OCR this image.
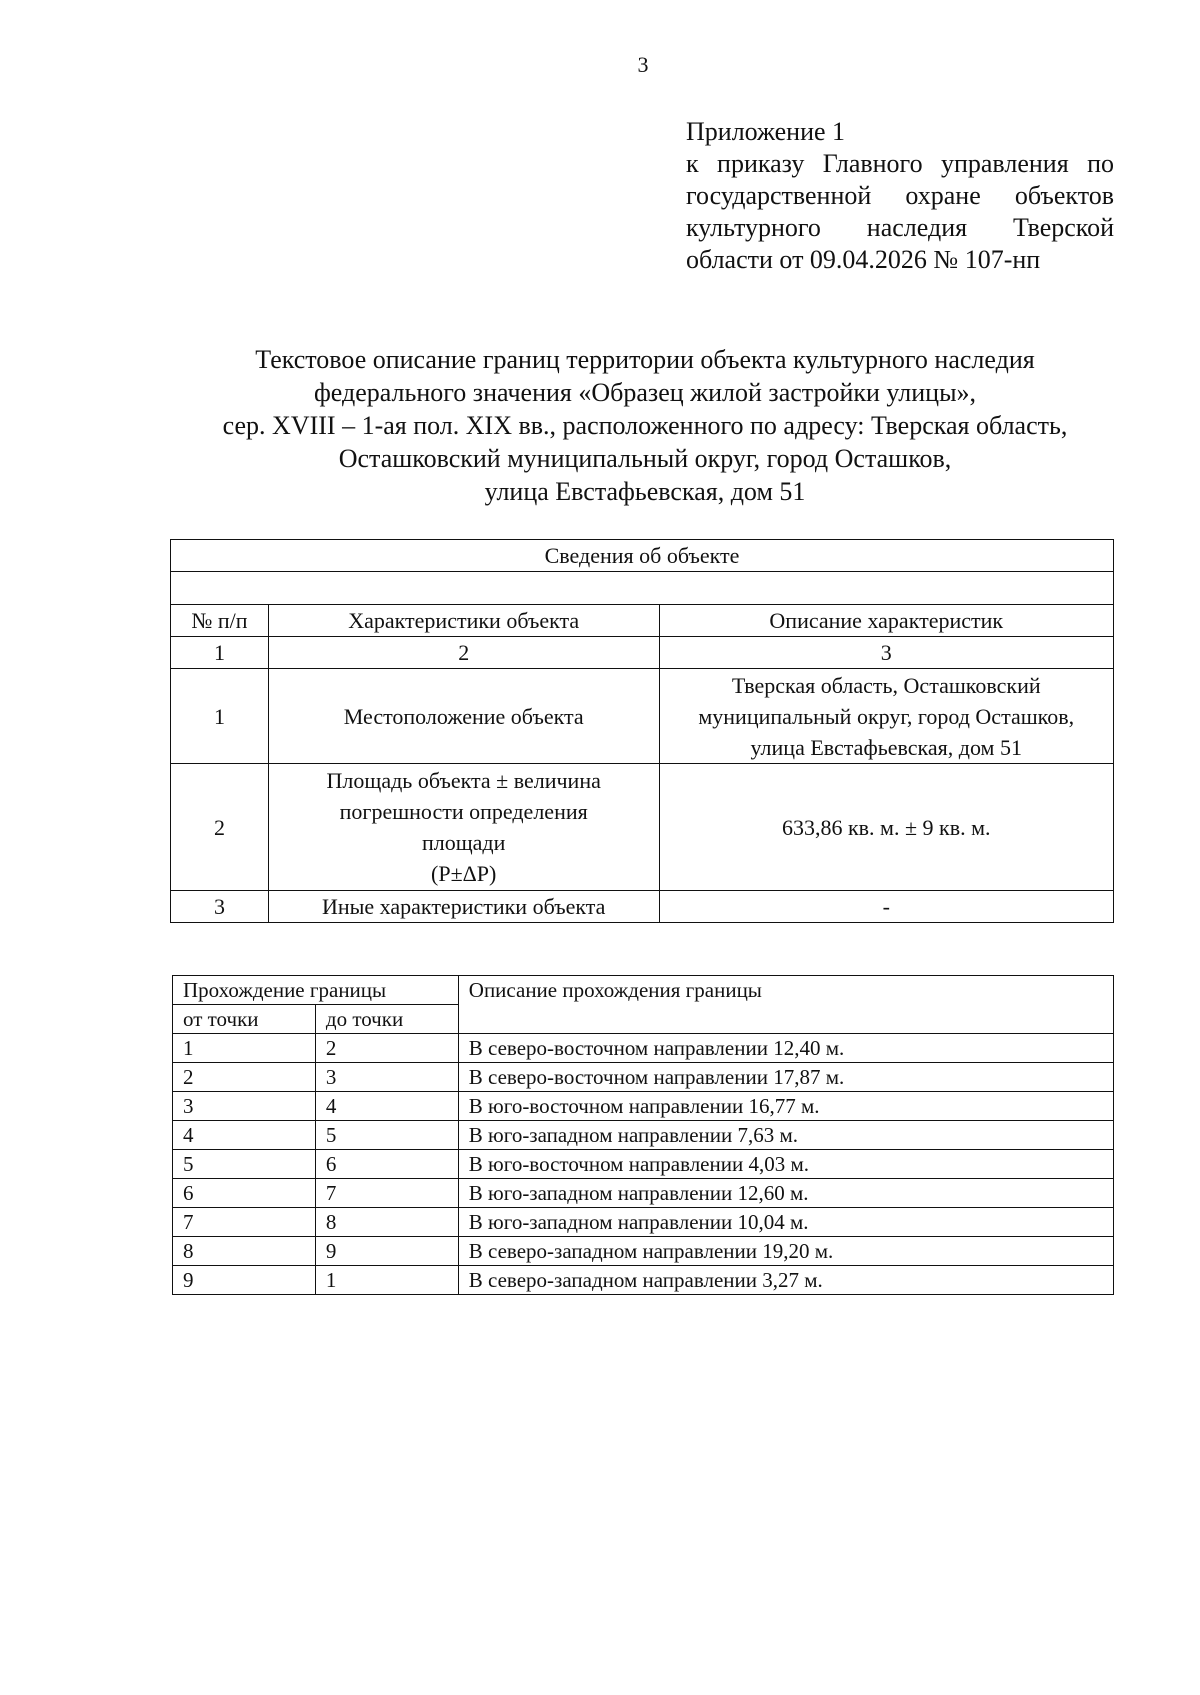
3
Приложение 1
к приказу Главного управления по
государственной охране объектов
культурного наследия Тверской
области от 09.04.2026 № 107-нп
Текстовое описание границ территории объекта культурного наследия
федерального значения «Образец жилой застройки улицы»,
сер. XVIII – 1-ая пол. XIX вв., расположенного по адресу: Тверская область,
Осташковский муниципальный округ, город Осташков,
улица Евстафьевская, дом 51
Сведения об объекте		

№ п/п	Характеристики объекта	Описание характеристик
1	2	3
1	Местоположение объекта	Тверская область, Осташковский
муниципальный округ, город Осташков,
улица Евстафьевская, дом 51

2	Площадь объекта ± величина
погрешности определения
площади
(P±ΔP)	633,86 кв. м. ± 9 кв. м.

3	Иные характеристики объекта	-
Прохождение границы		Описание прохождения границы
от точки	до точки	
1	2	В северо-восточном направлении 12,40 м.
2	3	В северо-восточном направлении 17,87 м.
3	4	В юго-восточном направлении 16,77 м.
4	5	В юго-западном направлении 7,63 м.
5	6	В юго-восточном направлении 4,03 м.
6	7	В юго-западном направлении 12,60 м.
7	8	В юго-западном направлении 10,04 м.
8	9	В северо-западном направлении 19,20 м.
9	1	В северо-западном направлении 3,27 м.
